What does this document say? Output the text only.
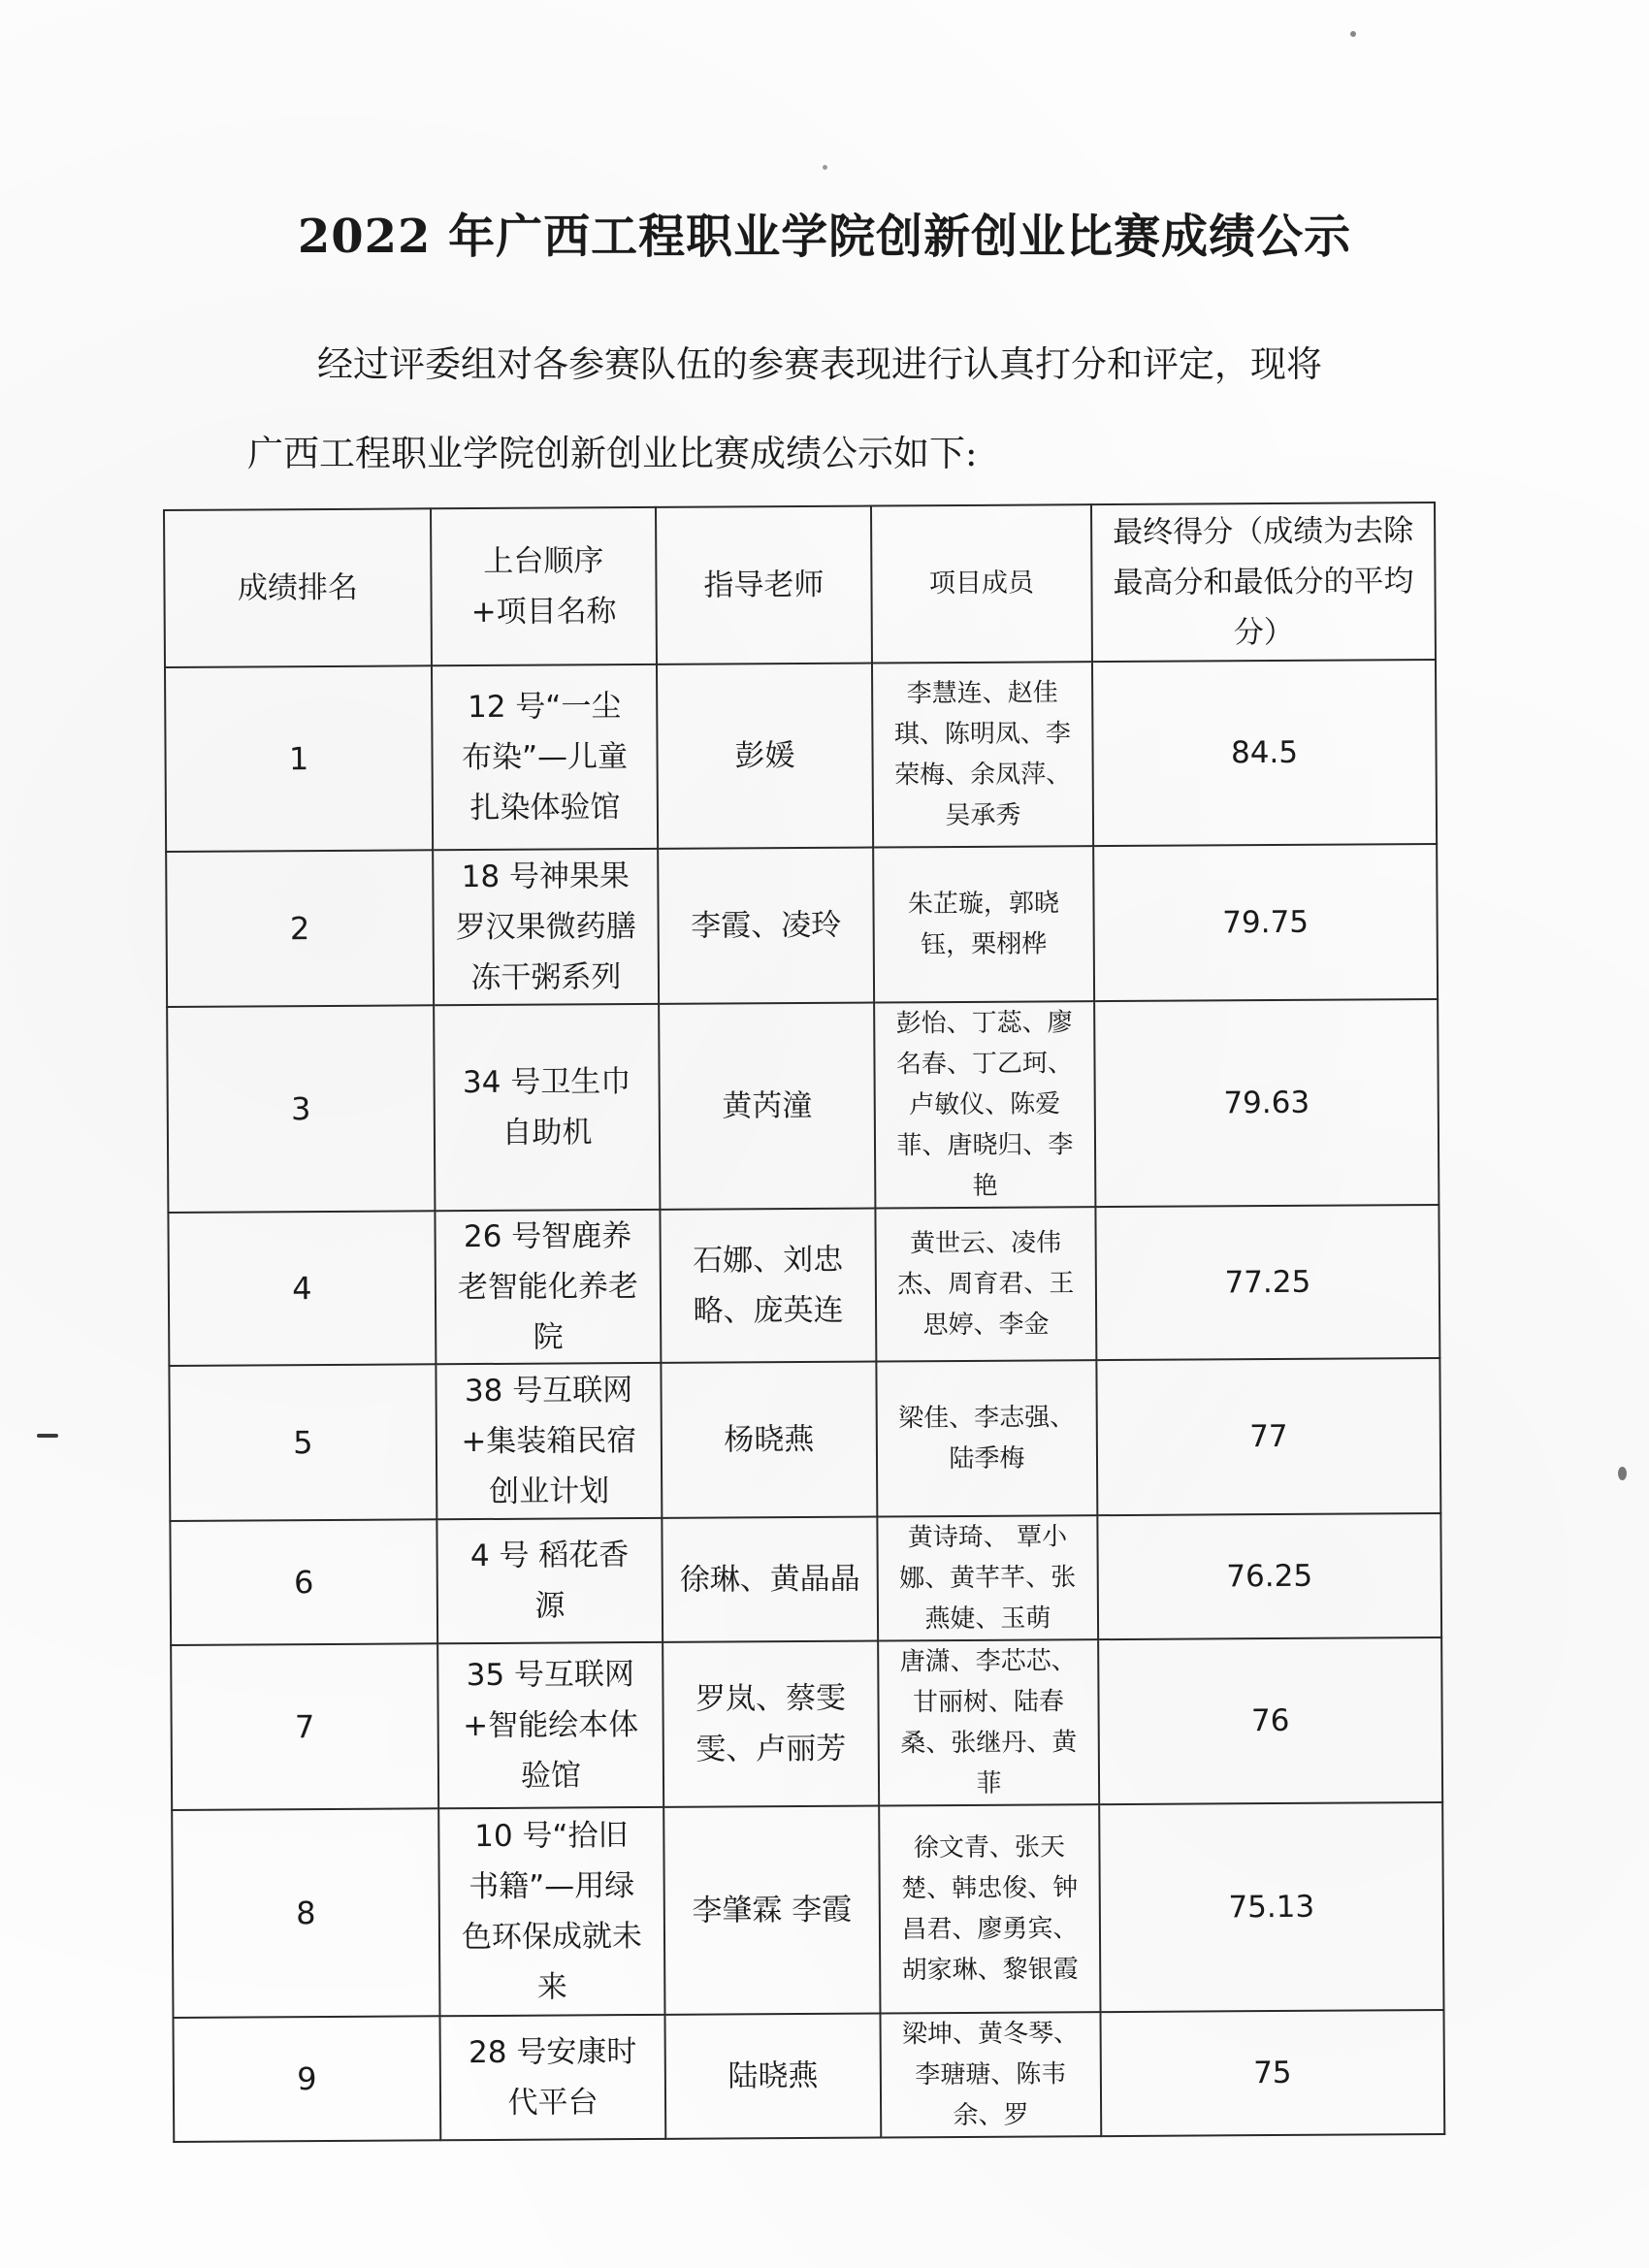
2022 年广西工程职业学院创新创业比赛成绩公示
经过评委组对各参赛队伍的参赛表现进行认真打分和评定，现将
广西工程职业学院创新创业比赛成绩公示如下:
成绩排名	上台顺序+项目名称	指导老师	项目成员	最终得分（成绩为去除最高分和最低分的平均分）
1	12 号“一尘布染”—儿童扎染体验馆	彭媛	李慧连、赵佳琪、陈明凤、李荣梅、余凤萍、吴承秀	84.5
2	18 号神果果罗汉果微药膳冻干粥系列	李霞、凌玲	朱芷璇，郭晓钰，栗栩桦	79.75
3	34 号卫生巾自助机	黄芮潼	彭怡、丁蕊、廖名春、丁乙珂、卢敏仪、陈爱菲、唐晓归、李艳	79.63
4	26 号智鹿养老智能化养老院	石娜、刘忠略、庞英连	黄世云、凌伟杰、周育君、王思婷、李金	77.25
5	38 号互联网+集装箱民宿创业计划	杨晓燕	梁佳、李志强、陆季梅	77
6	4 号 稻花香源	徐琳、黄晶晶	黄诗琦、 覃小娜、黄芊芊、张燕婕、玉萌	76.25
7	35 号互联网+智能绘本体验馆	罗岚、蔡雯雯、卢丽芳	唐潇、李芯芯、甘丽树、陆春桑、张继丹、黄菲	76
8	10 号“拾旧书籍”—用绿色环保成就未来	李肇霖 李霞	徐文青、张天楚、韩忠俊、钟昌君、廖勇宾、胡家琳、黎银霞	75.13
9	28 号安康时代平台	陆晓燕	梁坤、黄冬琴、李瑭瑭、陈韦余、罗	75
